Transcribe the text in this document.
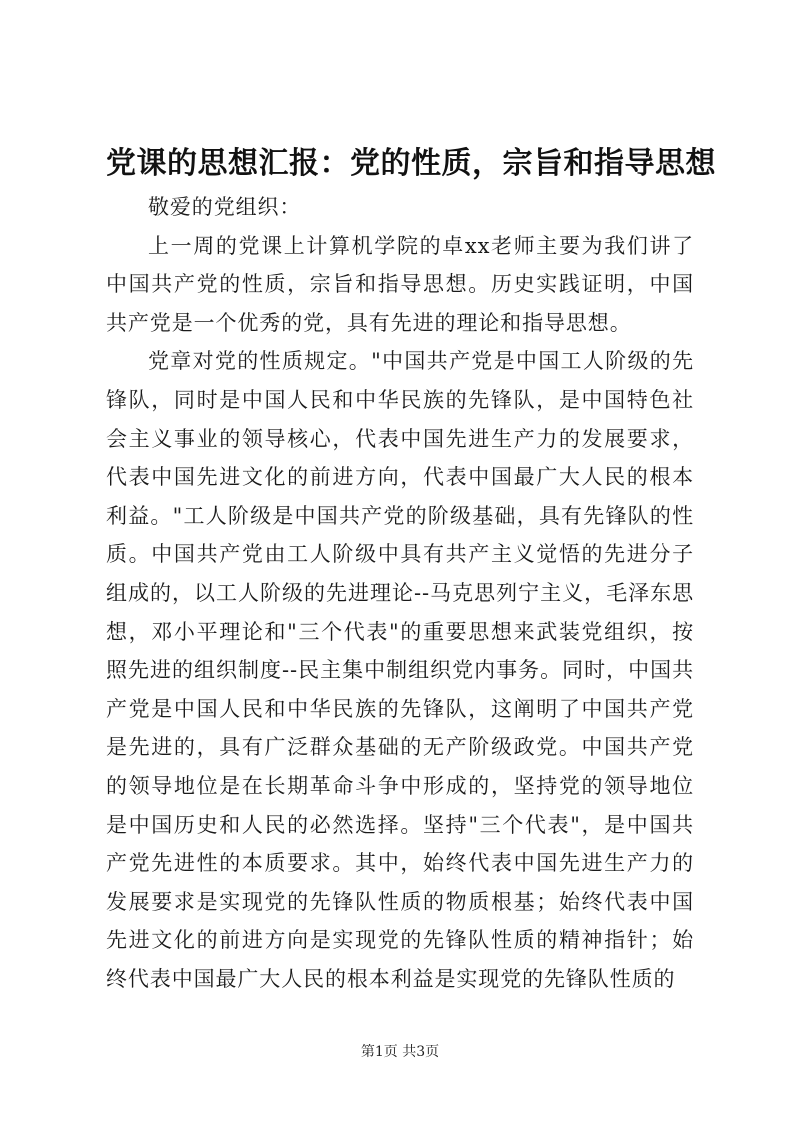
党课的思想汇报：党的性质，宗旨和指导思想

敬爱的党组织：

上一周的党课上计算机学院的卓xx老师主要为我们讲了中国共产党的性质，宗旨和指导思想。历史实践证明，中国共产党是一个优秀的党，具有先进的理论和指导思想。

党章对党的性质规定。"中国共产党是中国工人阶级的先锋队，同时是中国人民和中华民族的先锋队，是中国特色社会主义事业的领导核心，代表中国先进生产力的发展要求，代表中国先进文化的前进方向，代表中国最广大人民的根本利益。"工人阶级是中国共产党的阶级基础，具有先锋队的性质。中国共产党由工人阶级中具有共产主义觉悟的先进分子组成的，以工人阶级的先进理论--马克思列宁主义，毛泽东思想，邓小平理论和"三个代表"的重要思想来武装党组织，按照先进的组织制度--民主集中制组织党内事务。同时，中国共产党是中国人民和中华民族的先锋队，这阐明了中国共产党是先进的，具有广泛群众基础的无产阶级政党。中国共产党的领导地位是在长期革命斗争中形成的，坚持党的领导地位是中国历史和人民的必然选择。坚持"三个代表"，是中国共产党先进性的本质要求。其中，始终代表中国先进生产力的发展要求是实现党的先锋队性质的物质根基；始终代表中国先进文化的前进方向是实现党的先锋队性质的精神指针；始终代表中国最广大人民的根本利益是实现党的先锋队性质的

第1页 共3页
